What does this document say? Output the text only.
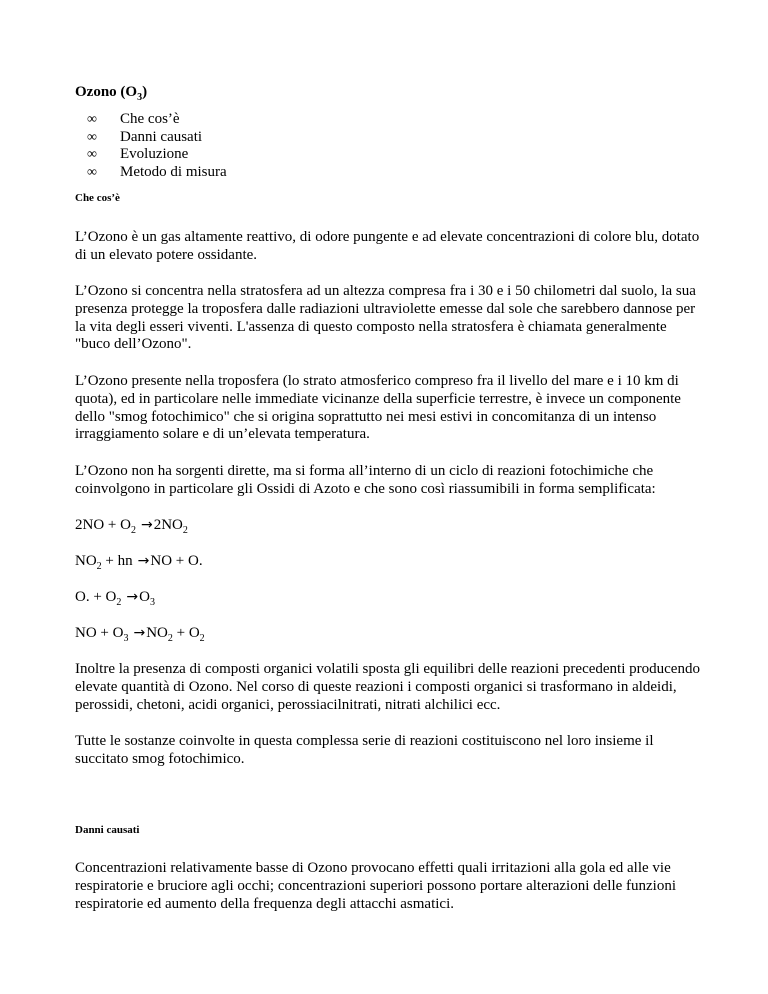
Ozono $(O_3)$
∞ Che cos’è
∞ Danni causati
∞ Evoluzione
∞ Metodo di misura
Che cos’è

L’Ozono è un gas altamente reattivo, di odore pungente e ad elevate concentrazioni di colore blu, dotato di un elevato potere ossidante.

L’Ozono si concentra nella stratosfera ad un altezza compresa fra i 30 e i 50 chilometri dal suolo, la sua presenza protegge la troposfera dalle radiazioni ultraviolette emesse dal sole che sarebbero dannose per la vita degli esseri viventi. L'assenza di questo composto nella stratosfera è chiamata generalmente "buco dell’Ozono".

L’Ozono presente nella troposfera (lo strato atmosferico compreso fra il livello del mare e i 10 km di quota), ed in particolare nelle immediate vicinanze della superficie terrestre, è invece un componente dello "smog fotochimico" che si origina soprattutto nei mesi estivi in concomitanza di un intenso irraggiamento solare e di un’elevata temperatura.

L’Ozono non ha sorgenti dirette, ma si forma all’interno di un ciclo di reazioni fotochimiche che coinvolgono in particolare gli Ossidi di Azoto e che sono così riassumibili in forma semplificata:

$2NO + O_2 \to 2NO_2$

$NO_2$ + hn →NO + O.

O. + $O_2 \to O_3$

NO + $O_3 \to NO_2 + O_2$

Inoltre la presenza di composti organici volatili sposta gli equilibri delle reazioni precedenti producendo elevate quantità di Ozono. Nel corso di queste reazioni i composti organici si trasformano in aldeidi, perossidi, chetoni, acidi organici, perossiacilnitrati, nitrati alchilici ecc.

Tutte le sostanze coinvolte in questa complessa serie di reazioni costituiscono nel loro insieme il succitato smog fotochimico.

Danni causati

Concentrazioni relativamente basse di Ozono provocano effetti quali irritazioni alla gola ed alle vie respiratorie e bruciore agli occhi; concentrazioni superiori possono portare alterazioni delle funzioni respiratorie ed aumento della frequenza degli attacchi asmatici.
